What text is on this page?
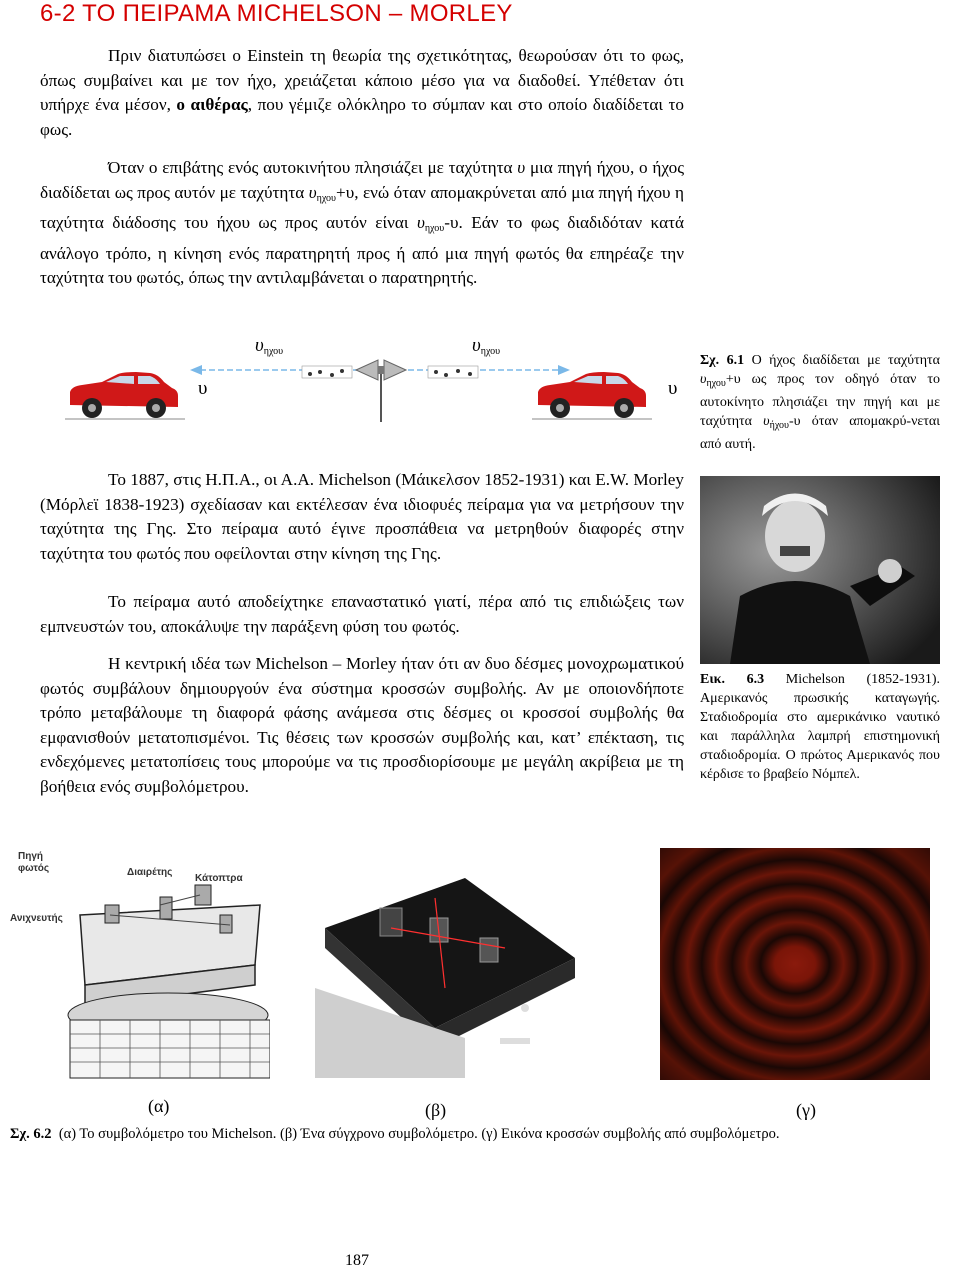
6-2 ΤΟ ΠΕΙΡΑΜΑ MICHELSON – MORLEY
Πριν διατυπώσει ο Einstein τη θεωρία της σχετικότητας, θεωρούσαν ότι το φως, όπως συμβαίνει και με τον ήχο, χρειάζεται κάποιο μέσο για να διαδοθεί. Υπέθεταν ότι υπήρχε ένα μέσον, ο αιθέρας, που γέμιζε ολόκληρο το σύμπαν και στο οποίο διαδίδεται το φως.
Όταν ο επιβάτης ενός αυτοκινήτου πλησιάζει με ταχύτητα υ μια πηγή ήχου, ο ήχος διαδίδεται ως προς αυτόν με ταχύτητα $\upsilon_{\eta\chi o\upsilon}+\upsilon$, ενώ όταν απομακρύνεται από μια πηγή ήχου η ταχύτητα διάδοσης του ήχου ως προς αυτόν είναι $\upsilon_{\eta\chi o\upsilon}-\upsilon$. Εάν το φως διαδιδόταν κατά ανάλογο τρόπο, η κίνηση ενός παρατηρητή προς ή από μια πηγή φωτός θα επηρέαζε την ταχύτητα του φωτός, όπως την αντιλαμβάνεται ο παρατηρητής.
$\upsilon_{\eta\chi o\upsilon}$	$\upsilon_{\eta\chi o\upsilon}$
υ	υ
Σχ. 6.1 Ο ήχος διαδίδεται με ταχύτητα $\upsilon_{\eta\chi o\upsilon}+\upsilon$ ως προς τον οδηγό όταν το αυτοκίνητο πλησιάζει την πηγή και με ταχύτητα $\upsilon_{ή\chi o\upsilon}-\upsilon$ όταν απομακρύ-νεται από αυτή.
Το 1887, στις Η.Π.Α., οι Α.Α. Michelson (Μάικελσον 1852-1931) και E.W. Morley (Μόρλεϊ 1838-1923) σχεδίασαν και εκτέλεσαν ένα ιδιοφυές πείραμα για να μετρήσουν την ταχύτητα της Γης. Στο πείραμα αυτό έγινε προσπάθεια να μετρηθούν διαφορές στην ταχύτητα του φωτός που οφείλονται στην κίνηση της Γης.
Το πείραμα αυτό αποδείχτηκε επαναστατικό γιατί, πέρα από τις επιδιώξεις των εμπνευστών του, αποκάλυψε την παράξενη φύση του φωτός.
Η κεντρική ιδέα των Michelson – Morley ήταν ότι αν δυο δέσμες μονοχρωματικού φωτός συμβάλουν δημιουργούν ένα σύστημα κροσσών συμβολής. Αν με οποιονδήποτε τρόπο μεταβάλουμε τη διαφορά φάσης ανάμεσα στις δέσμες οι κροσσοί συμβολής θα εμφανισθούν μετατοπισμένοι. Τις θέσεις των κροσσών συμβολής και, κατ’ επέκταση, τις ενδεχόμενες μετατοπίσεις τους μπορούμε να τις προσδιορίσουμε με μεγάλη ακρίβεια με τη βοήθεια ενός συμβολόμετρου.
Εικ. 6.3 Michelson (1852-1931). Αμερικανός πρωσικής καταγωγής. Σταδιοδρομία στο αμερικάνικο ναυτικό και παράλληλα λαμπρή επιστημονική σταδιοδρομία. Ο πρώτος Αμερικανός που κέρδισε το βραβείο Νόμπελ.
Πηγή φωτός	Διαιρέτης
Κάτοπτρα
Ανιχνευτής
(α)	(β)	(γ)
Σχ. 6.2 (α) Το συμβολόμετρο του Michelson. (β) Ένα σύγχρονο συμβολόμετρο. (γ) Εικόνα κροσσών συμβολής από συμβολόμετρο.
187
